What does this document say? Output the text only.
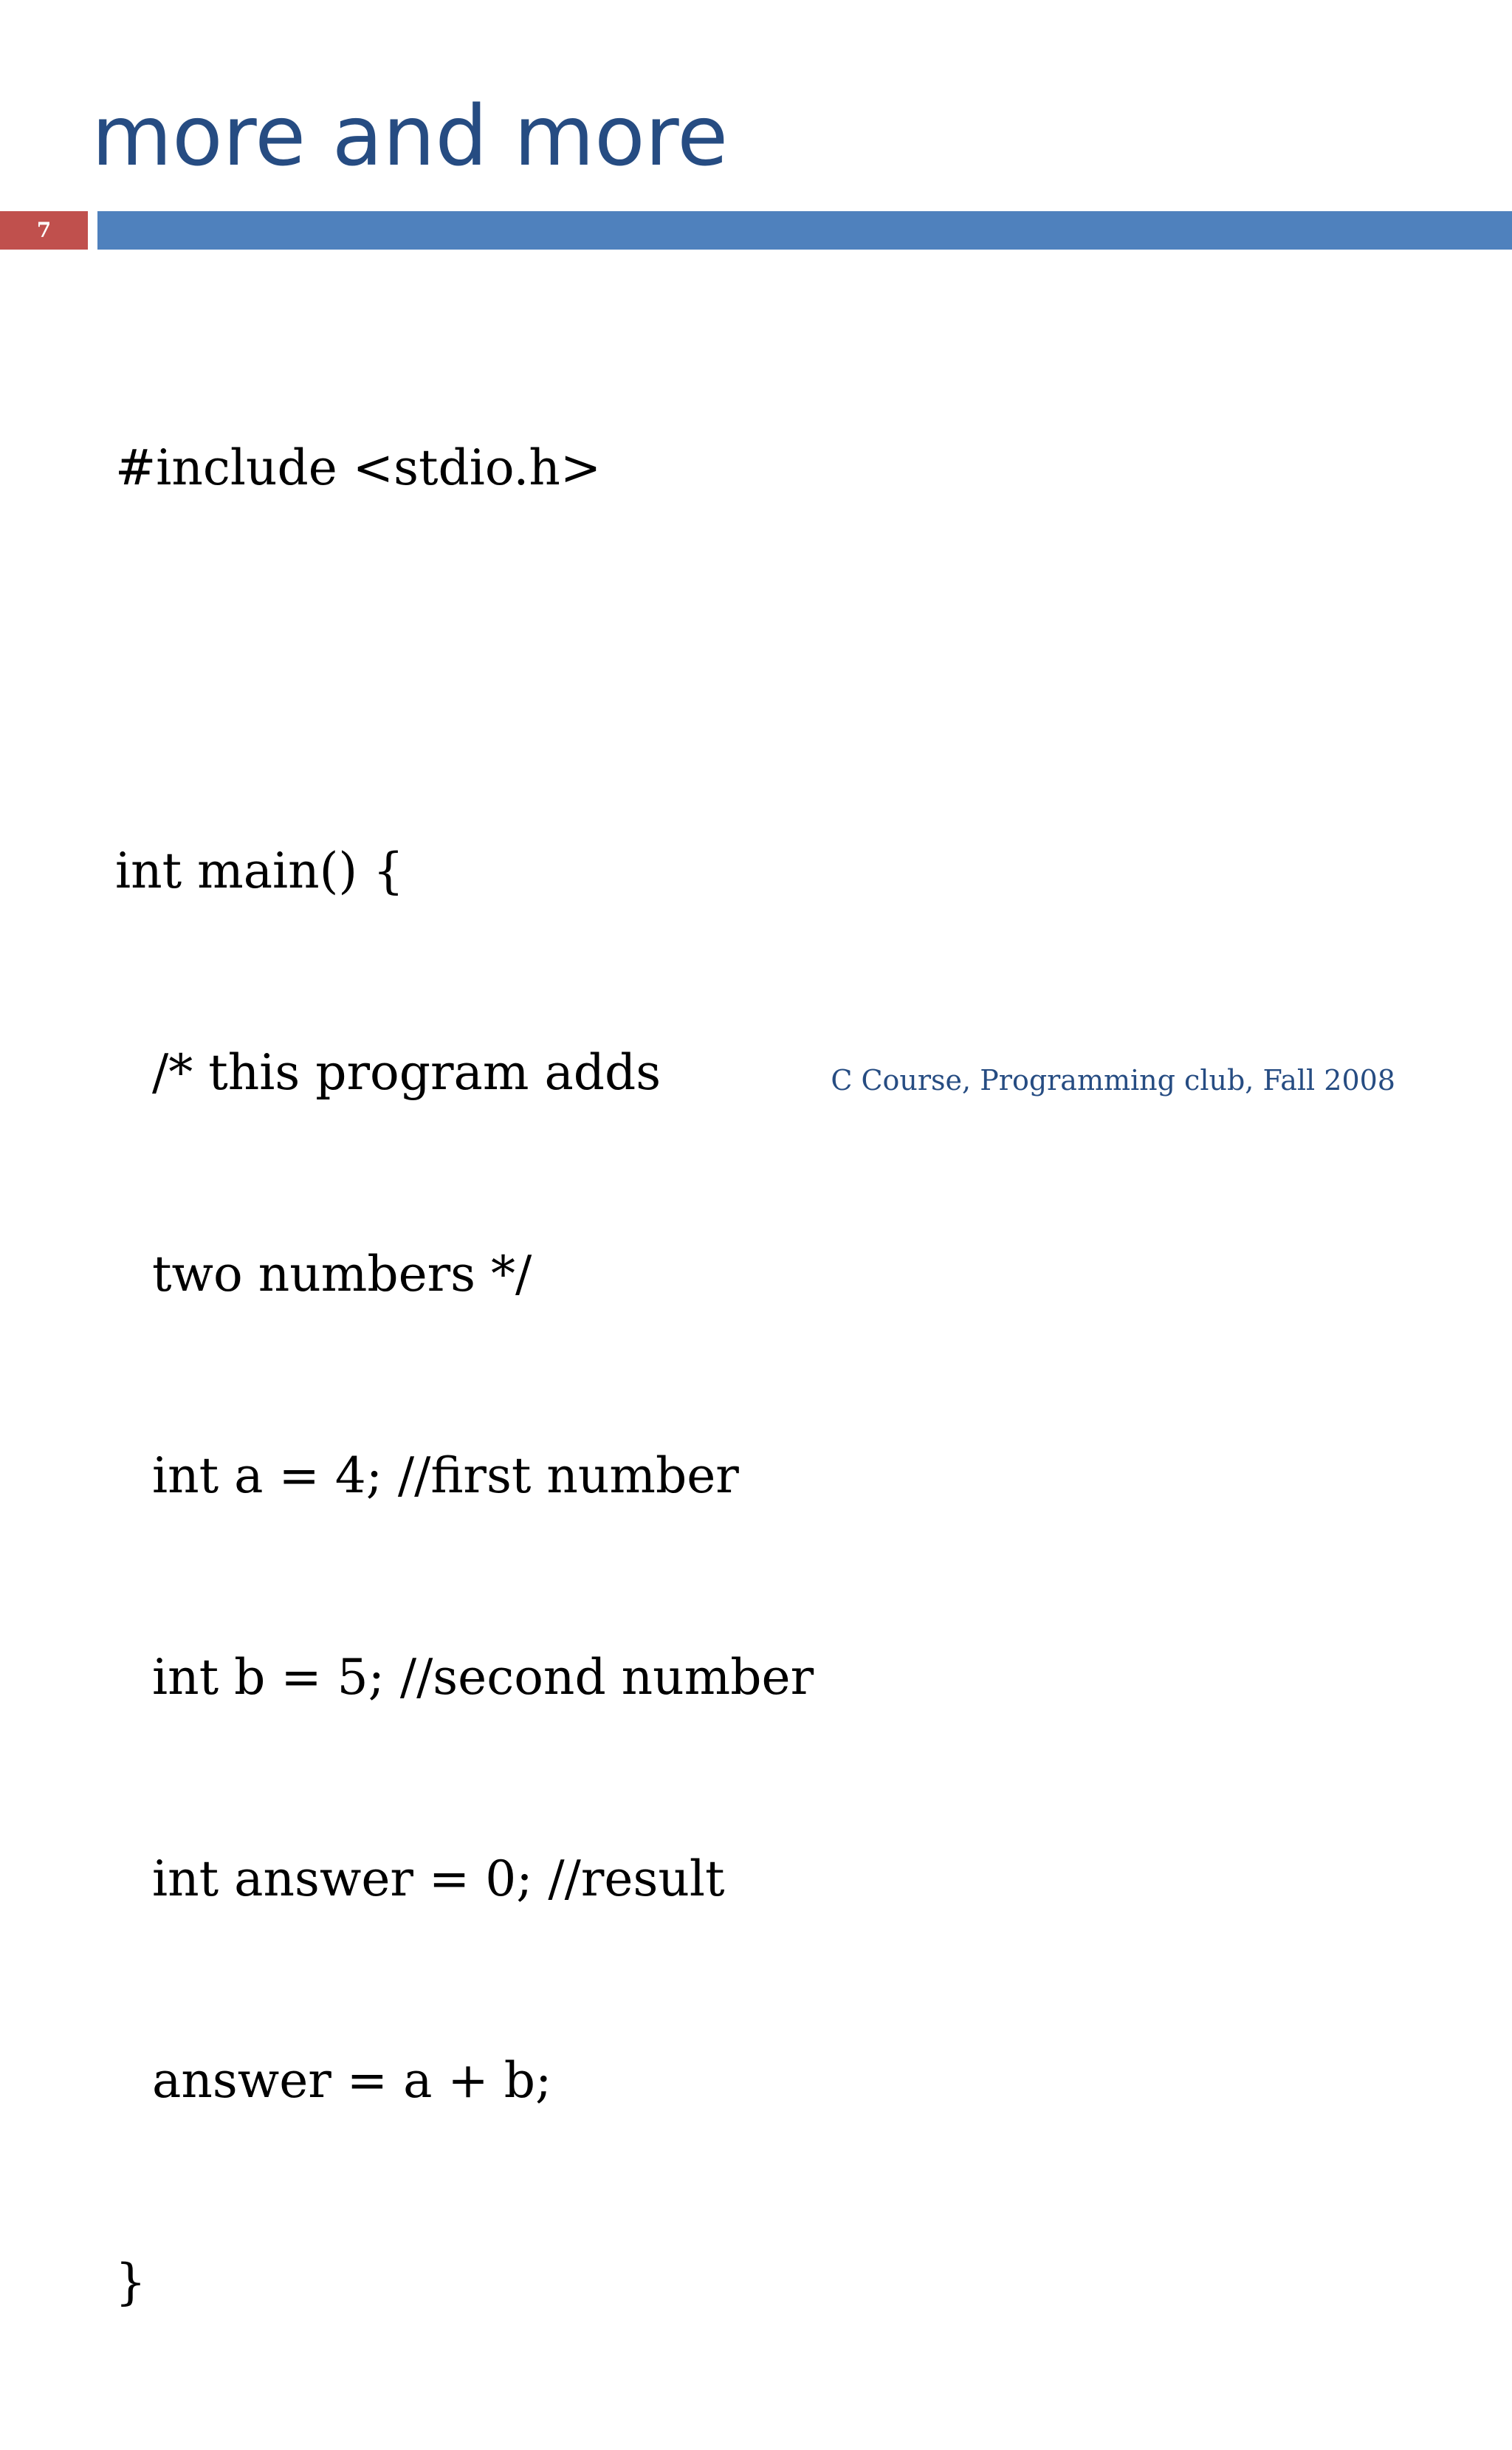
more and more
7

#include <stdio.h>

int main() {

/* this program adds

two numbers */

int a = 4; //first number

int b = 5; //second number

int answer = 0; //result

answer = a + b;

}

C Course, Programming club, Fall 2008
